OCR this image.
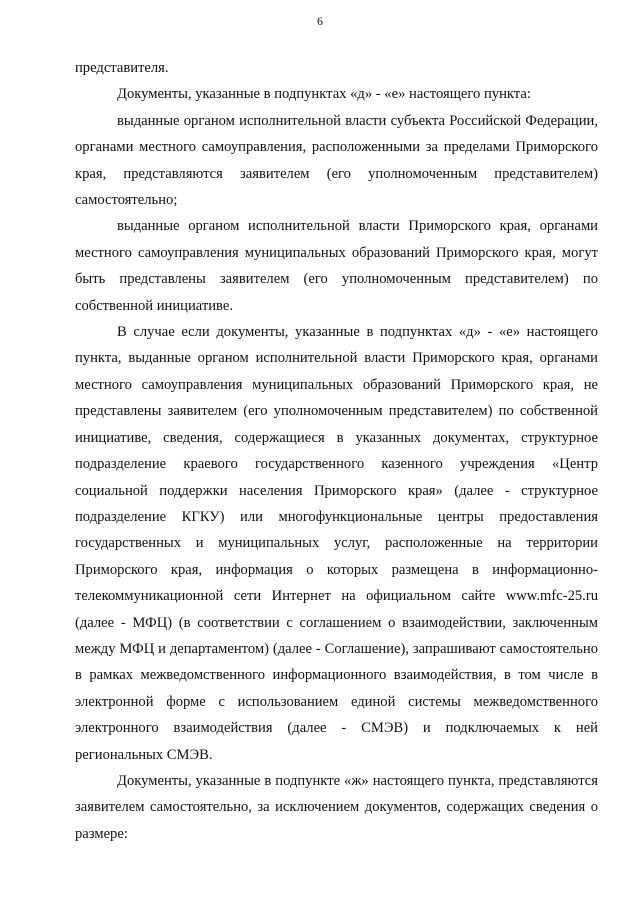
6

представителя.

Документы, указанные в подпунктах «д» - «е» настоящего пункта:

выданные органом исполнительной власти субъекта Российской Федерации, органами местного самоуправления, расположенными за пределами Приморского края, представляются заявителем (его уполномоченным представителем) самостоятельно;

выданные органом исполнительной власти Приморского края, органами местного самоуправления муниципальных образований Приморского края, могут быть представлены заявителем (его уполномоченным представителем) по собственной инициативе.

В случае если документы, указанные в подпунктах «д» - «е» настоящего пункта, выданные органом исполнительной власти Приморского края, органами местного самоуправления муниципальных образований Приморского края, не представлены заявителем (его уполномоченным представителем) по собственной инициативе, сведения, содержащиеся в указанных документах, структурное подразделение краевого государственного казенного учреждения «Центр социальной поддержки населения Приморского края» (далее - структурное подразделение КГКУ) или многофункциональные центры предоставления государственных и муниципальных услуг, расположенные на территории Приморского края, информация о которых размещена в информационно-телекоммуникационной сети Интернет на официальном сайте www.mfc-25.ru (далее - МФЦ) (в соответствии с соглашением о взаимодействии, заключенным между МФЦ и департаментом) (далее - Соглашение), запрашивают самостоятельно в рамках межведомственного информационного взаимодействия, в том числе в электронной форме с использованием единой системы межведомственного электронного взаимодействия (далее - СМЭВ) и подключаемых к ней региональных СМЭВ.

Документы, указанные в подпункте «ж» настоящего пункта, представляются заявителем самостоятельно, за исключением документов, содержащих сведения о размере:
